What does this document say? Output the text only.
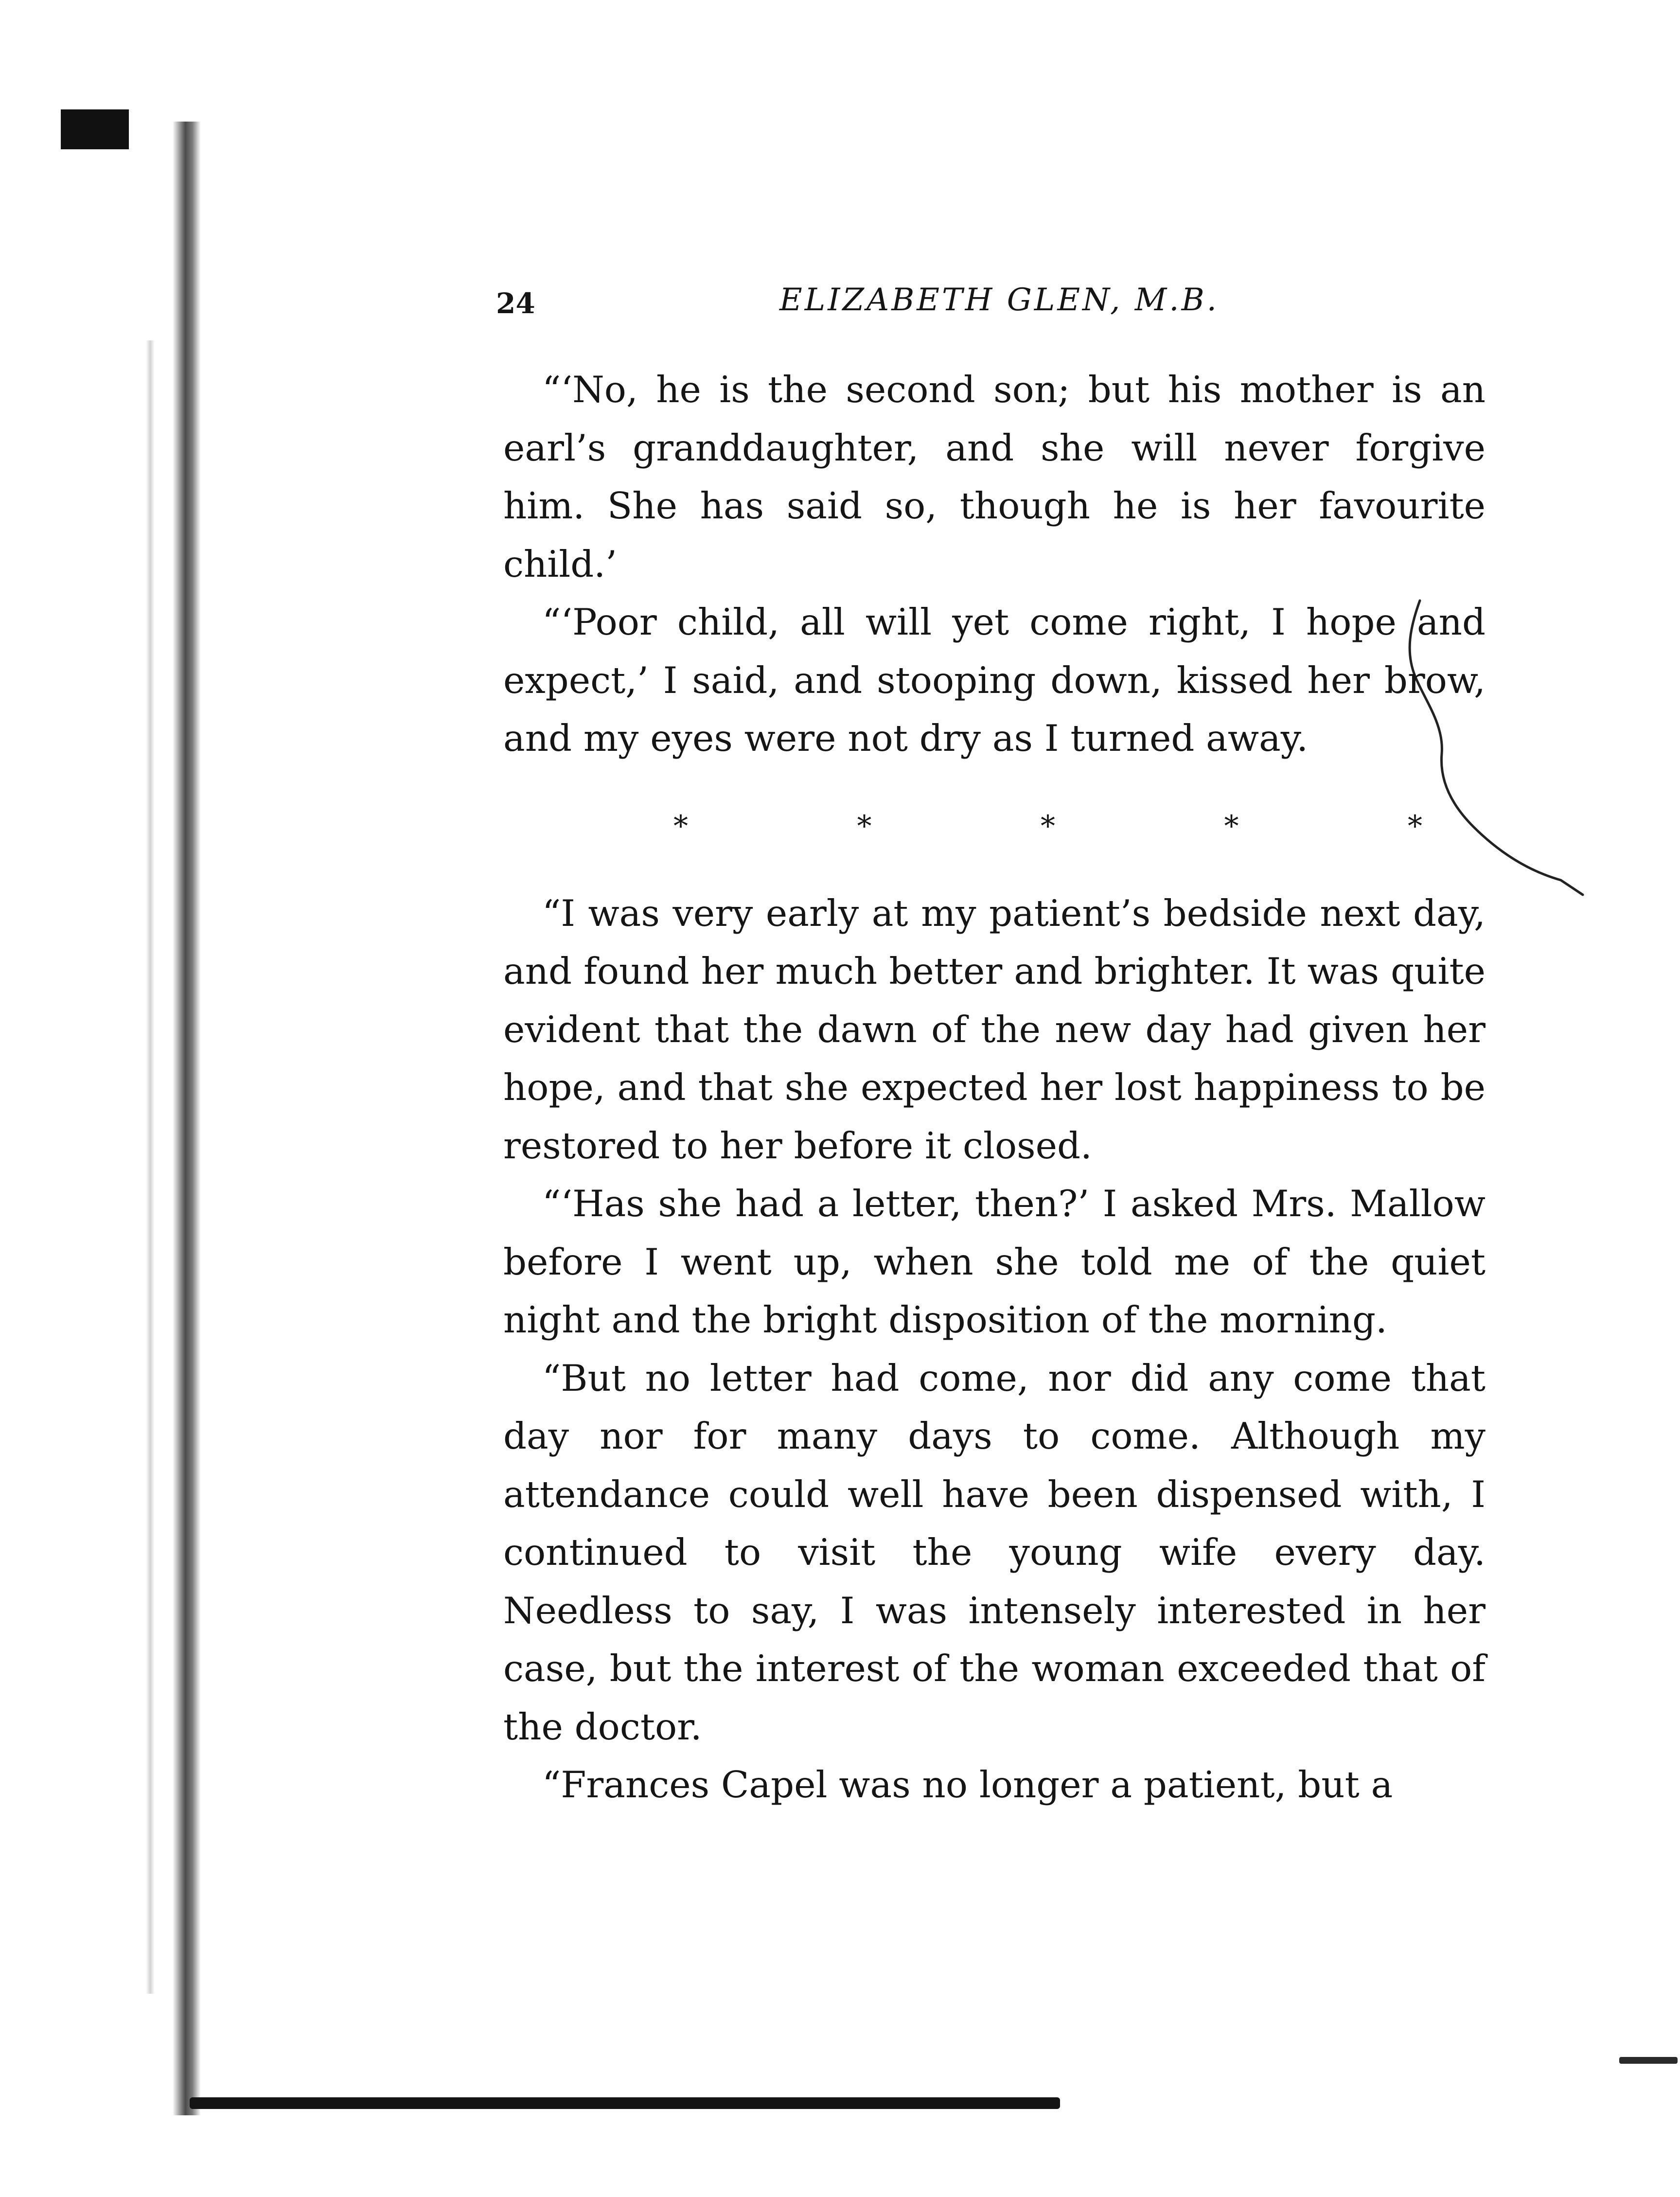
24	ELIZABETH GLEN, M.B.

“‘No, he is the second son; but his mother is an earl’s granddaughter, and she will never forgive him. She has said so, though he is her favourite child.’

“‘Poor child, all will yet come right, I hope and expect,’ I said, and stooping down, kissed her brow, and my eyes were not dry as I turned away.

*	*	*	*	*

“I was very early at my patient’s bedside next day, and found her much better and brighter. It was quite evident that the dawn of the new day had given her hope, and that she expected her lost happiness to be restored to her before it closed.

“‘Has she had a letter, then?’ I asked Mrs. Mallow before I went up, when she told me of the quiet night and the bright disposition of the morning.

“But no letter had come, nor did any come that day nor for many days to come. Although my attendance could well have been dispensed with, I continued to visit the young wife every day. Needless to say, I was intensely interested in her case, but the interest of the woman exceeded that of the doctor.

“Frances Capel was no longer a patient, but a
